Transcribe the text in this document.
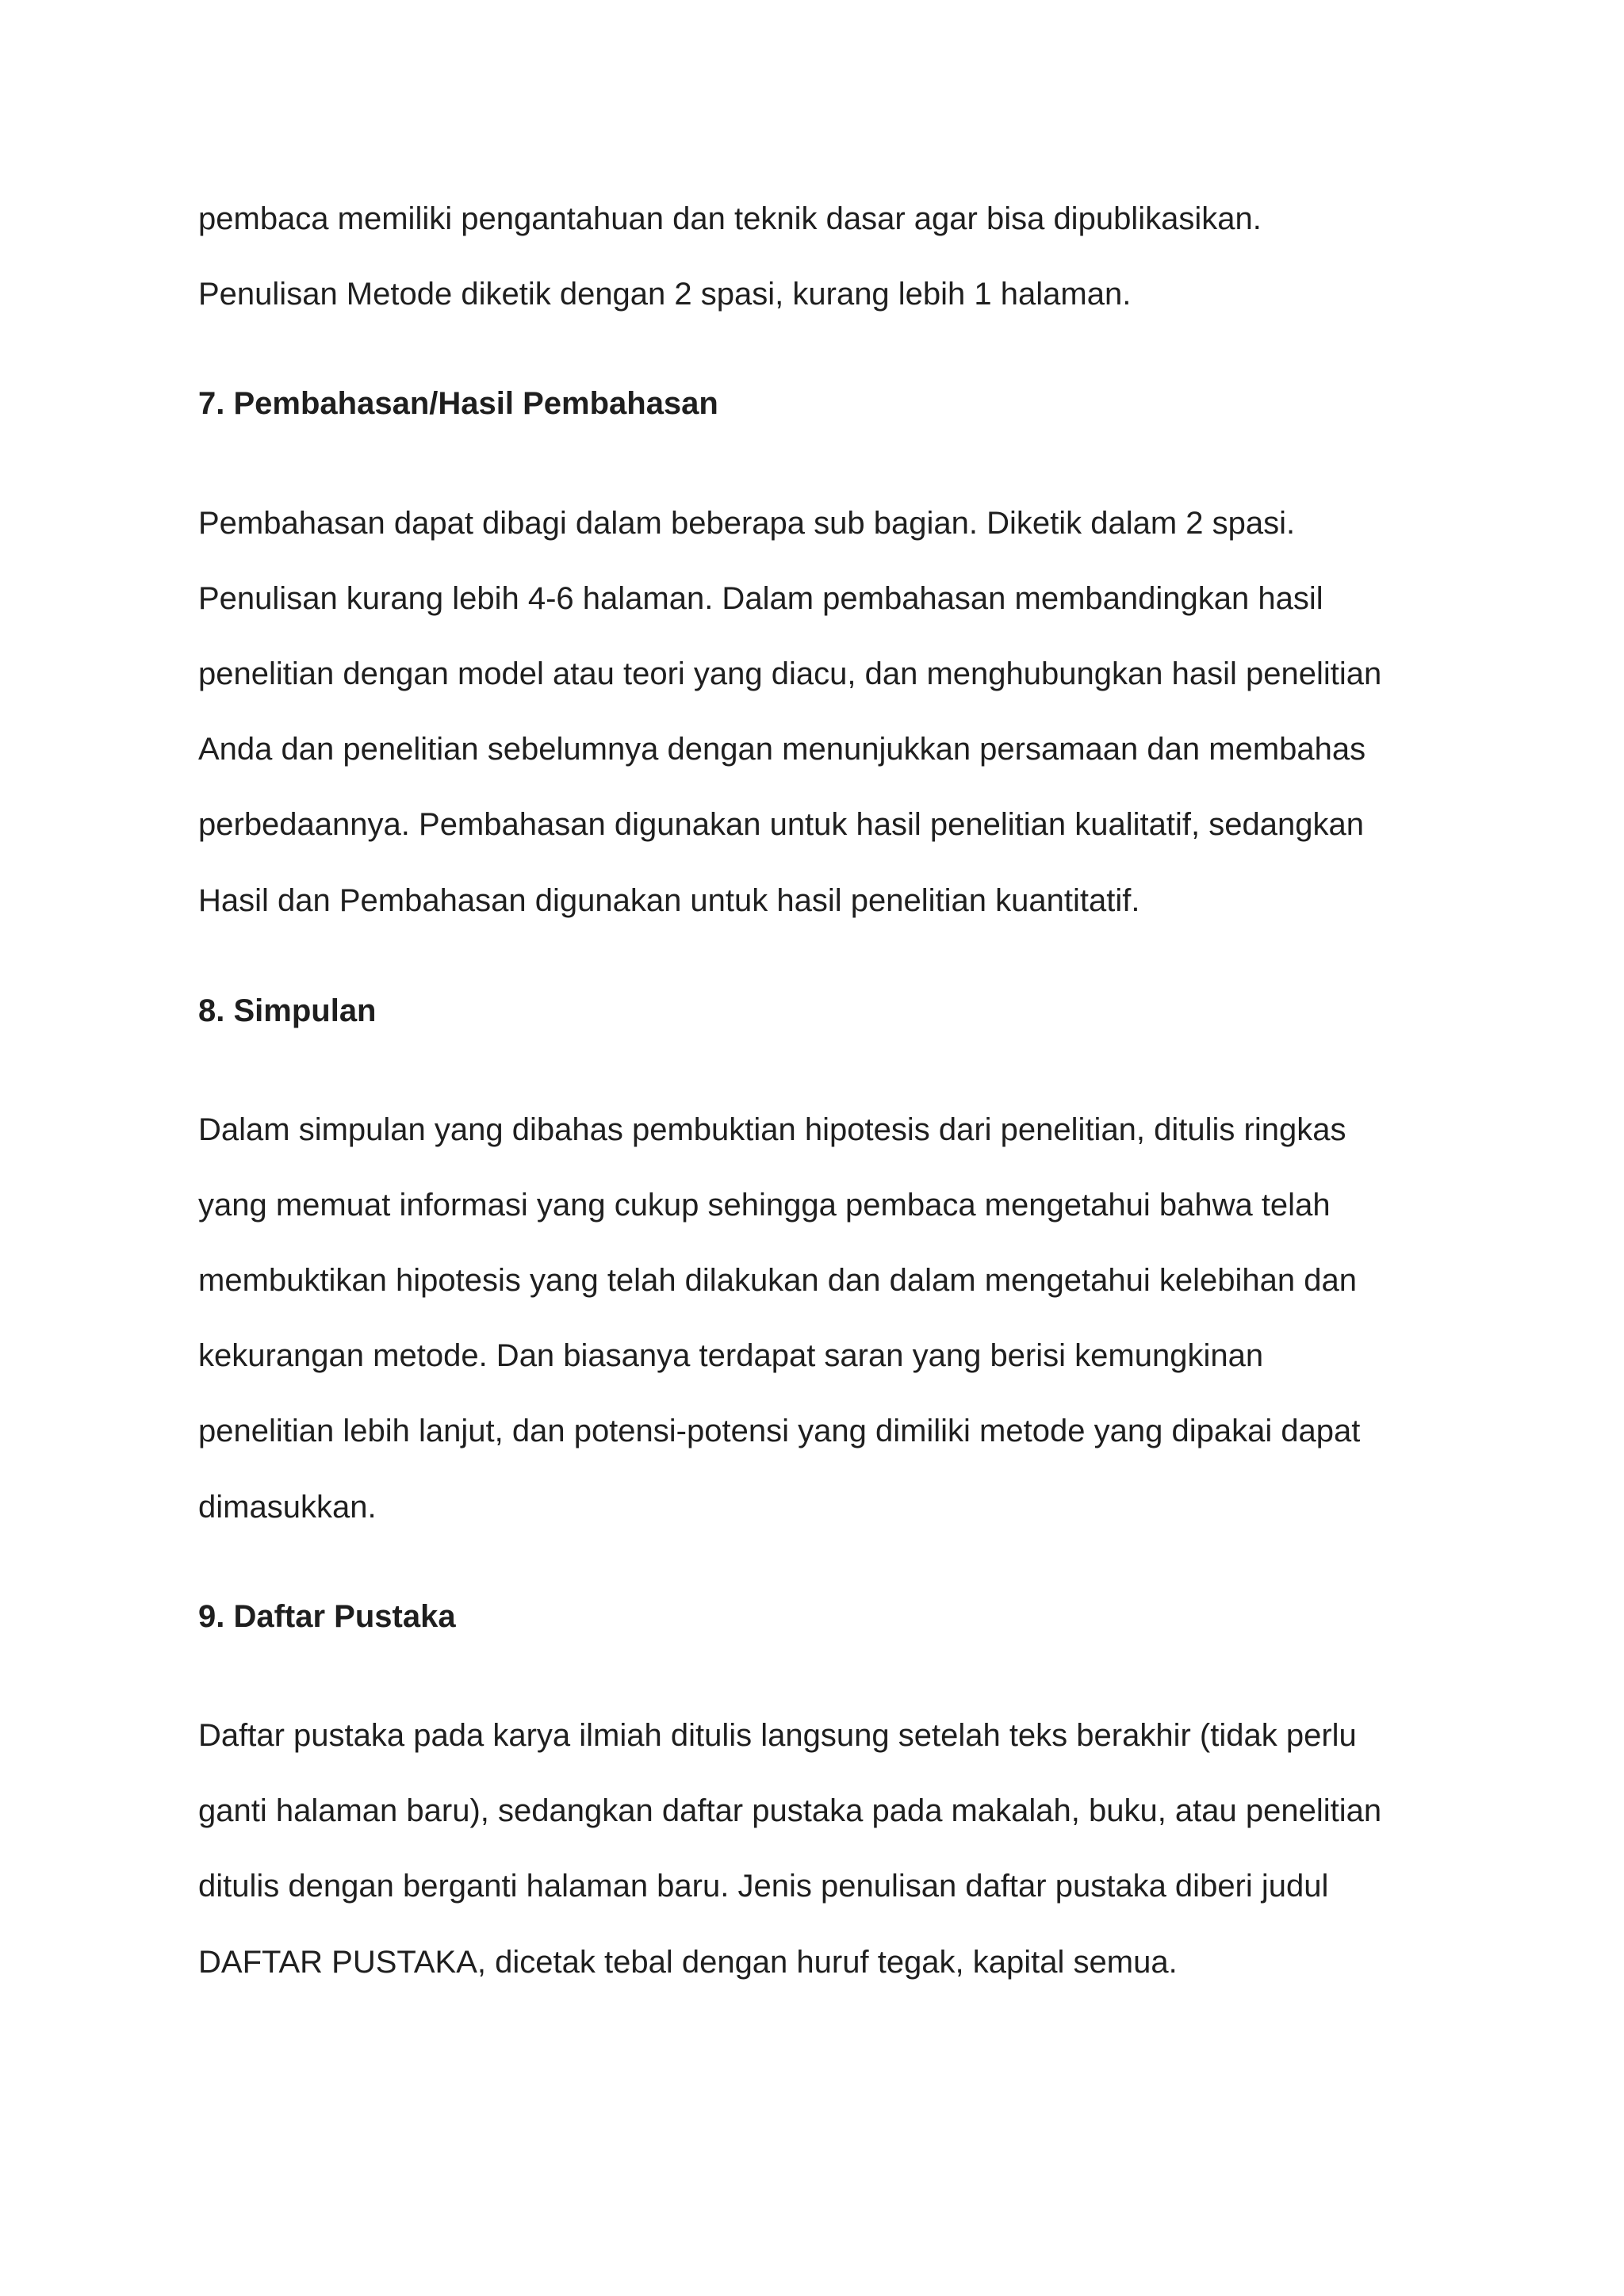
pembaca memiliki pengantahuan dan teknik dasar agar bisa dipublikasikan.

Penulisan Metode diketik dengan 2 spasi, kurang lebih 1 halaman.

7. Pembahasan/Hasil Pembahasan

Pembahasan dapat dibagi dalam beberapa sub bagian. Diketik dalam 2 spasi.

Penulisan kurang lebih 4-6 halaman. Dalam pembahasan membandingkan hasil

penelitian dengan model atau teori yang diacu, dan menghubungkan hasil penelitian

Anda dan penelitian sebelumnya dengan menunjukkan persamaan dan membahas

perbedaannya. Pembahasan digunakan untuk hasil penelitian kualitatif, sedangkan

Hasil dan Pembahasan digunakan untuk hasil penelitian kuantitatif.

8. Simpulan

Dalam simpulan yang dibahas pembuktian hipotesis dari penelitian, ditulis ringkas

yang memuat informasi yang cukup sehingga pembaca mengetahui bahwa telah

membuktikan hipotesis yang telah dilakukan dan dalam mengetahui kelebihan dan

kekurangan metode. Dan biasanya terdapat saran yang berisi kemungkinan

penelitian lebih lanjut, dan potensi-potensi yang dimiliki metode yang dipakai dapat

dimasukkan.

9. Daftar Pustaka

Daftar pustaka pada karya ilmiah ditulis langsung setelah teks berakhir (tidak perlu

ganti halaman baru), sedangkan daftar pustaka pada makalah, buku, atau penelitian

ditulis dengan berganti halaman baru. Jenis penulisan daftar pustaka diberi judul

DAFTAR PUSTAKA, dicetak tebal dengan huruf tegak, kapital semua.
